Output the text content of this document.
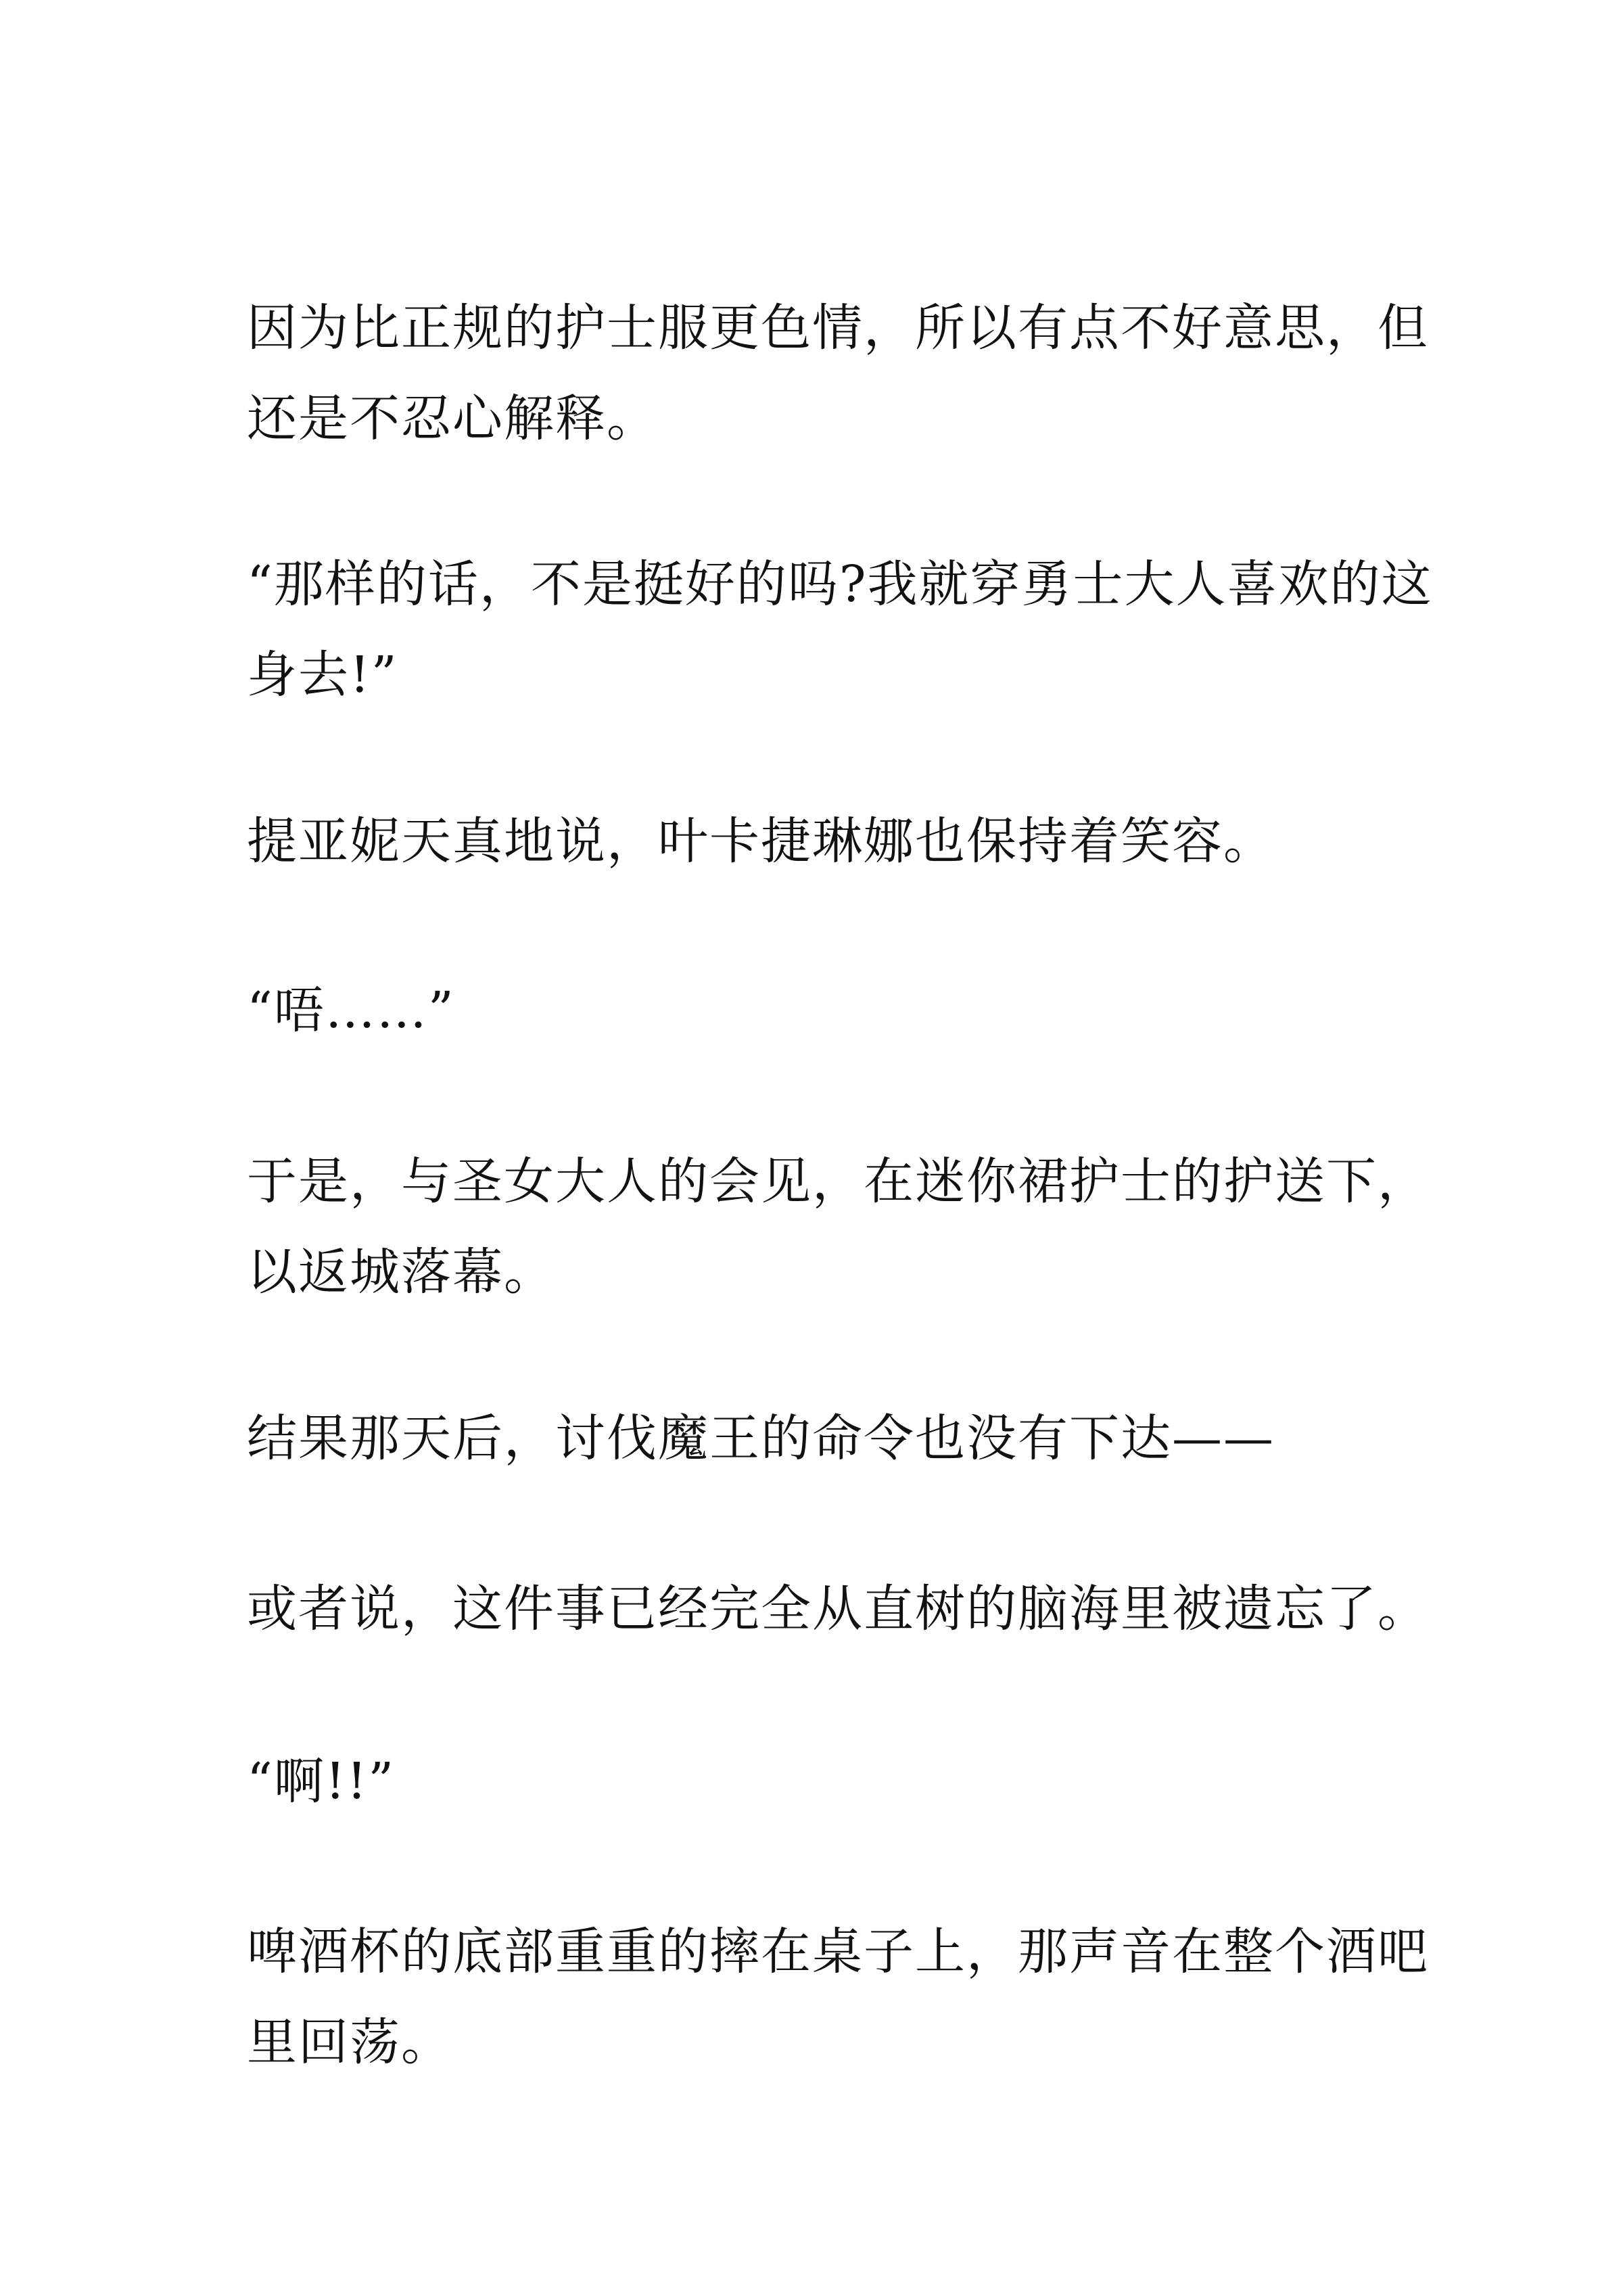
因为比正规的护士服更色情，所以有点不好意思，但
还是不忍心解释。

“那样的话，不是挺好的吗?我就穿勇士大人喜欢的这
身去!”

提亚妮天真地说，叶卡捷琳娜也保持着笑容。

“唔……”

于是，与圣女大人的会见，在迷你裙护士的护送下，
以返城落幕。

结果那天后，讨伐魔王的命令也没有下达——

或者说，这件事已经完全从直树的脑海里被遗忘了。

“啊!!”

啤酒杯的底部重重的摔在桌子上，那声音在整个酒吧
里回荡。
